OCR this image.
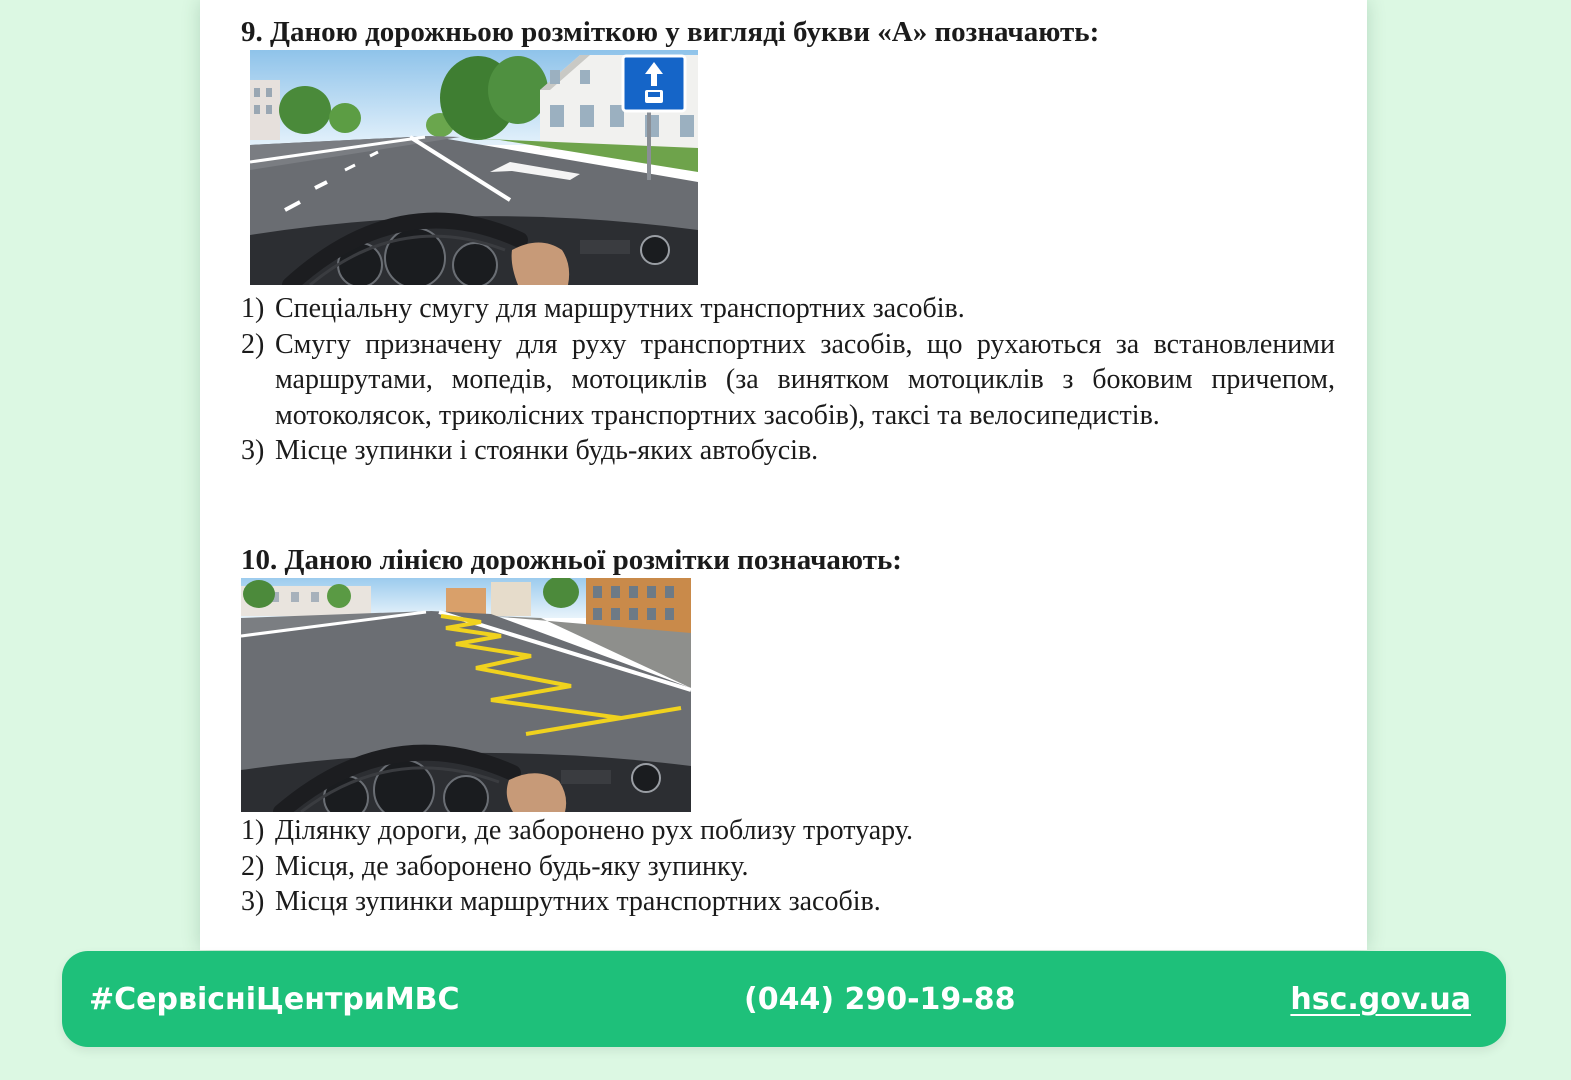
9. Даною дорожньою розміткою у вигляді букви «А» позначають:
1) Спеціальну смугу для маршрутних транспортних засобів.
2) Смугу призначену для руху транспортних засобів, що рухаються за встановленими маршрутами, мопедів, мотоциклів (за винятком мотоциклів з боковим причепом, мотоколясок, триколісних транспортних засобів), таксі та велосипедистів.
3) Місце зупинки і стоянки будь-яких автобусів.
10. Даною лінією дорожньої розмітки позначають:
1) Ділянку дороги, де заборонено рух поблизу тротуару.
2) Місця, де заборонено будь-яку зупинку.
3) Місця зупинки маршрутних транспортних засобів.
#СервісніЦентриМВС	(044) 290-19-88	hsc.gov.ua
